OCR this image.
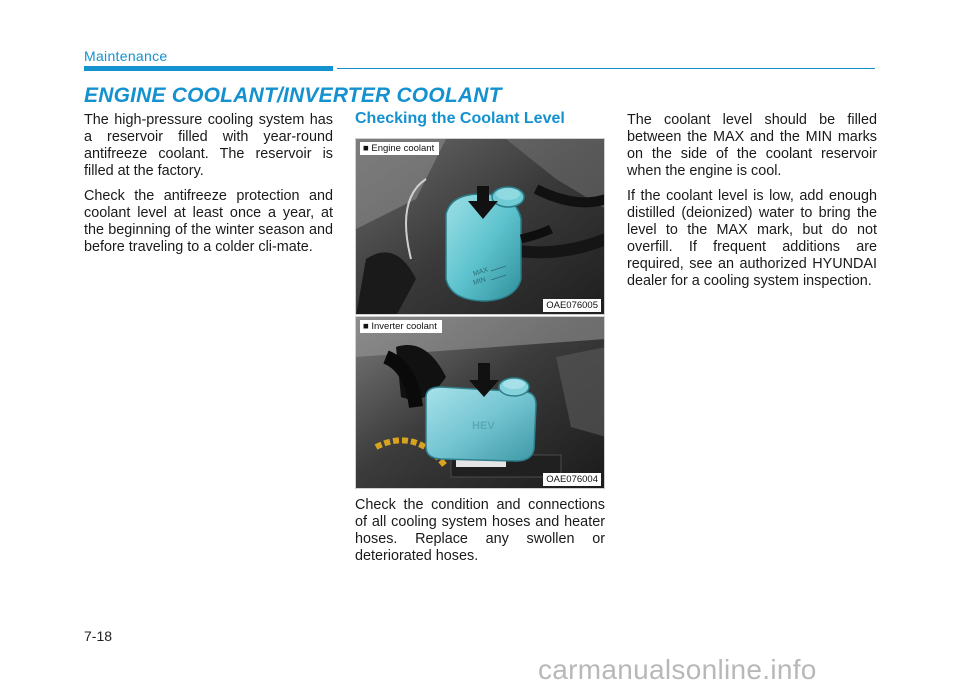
Maintenance
ENGINE COOLANT/INVERTER COOLANT

The high-pressure cooling system has a reservoir filled with year-round antifreeze coolant. The reservoir is filled at the factory.

Check the antifreeze protection and coolant level at least once a year, at the beginning of the winter season and before traveling to a colder cli-mate.

Checking the Coolant Level
MAX
MIN
■ Engine coolant
OAE076005
HEV
■ Inverter coolant
OAE076004

Check the condition and connections of all cooling system hoses and heater hoses. Replace any swollen or deteriorated hoses.

The coolant level should be filled between the MAX and the MIN marks on the side of the coolant reservoir when the engine is cool.

If the coolant level is low, add enough distilled (deionized) water to bring the level to the MAX mark, but do not overfill. If frequent additions are required, see an authorized HYUNDAI dealer for a cooling system inspection.

7-18
carmanualsonline.info
